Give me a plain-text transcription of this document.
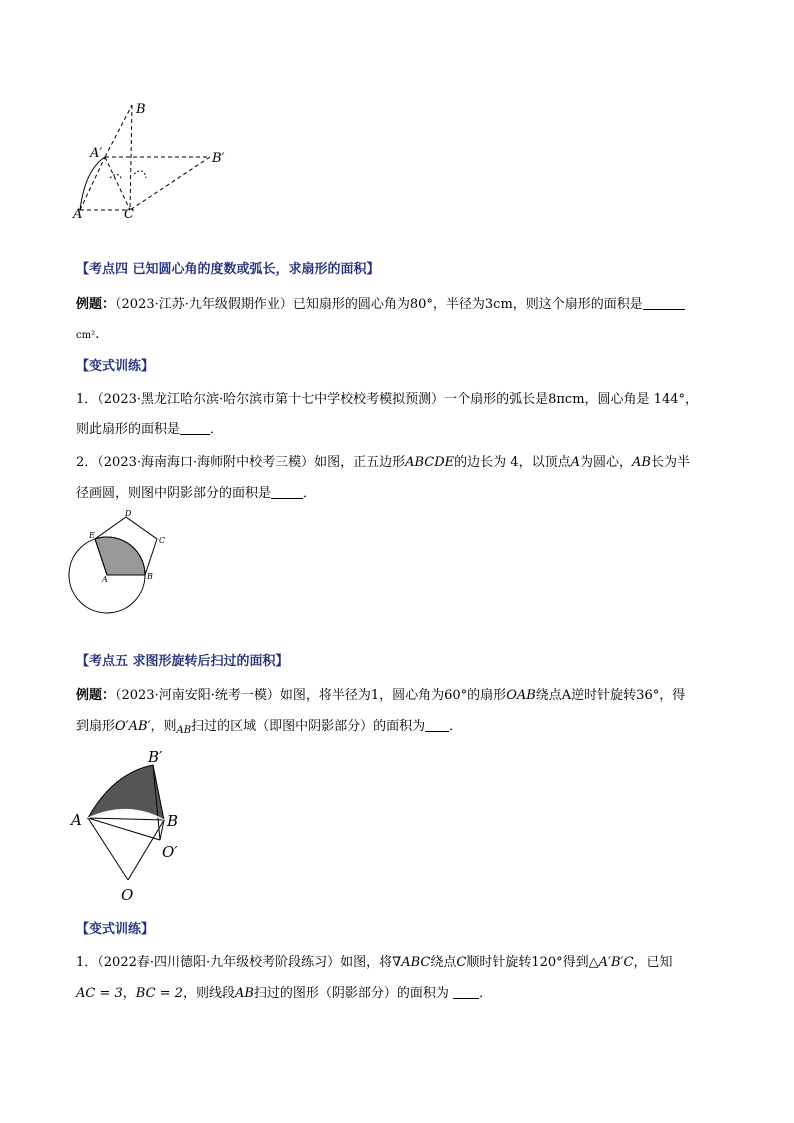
B
A′	B′
A	C
【考点四 已知圆心角的度数或弧长，求扇形的面积】
例题：（2023·江苏·九年级假期作业）已知扇形的圆心角为80°，半径为3cm，则这个扇形的面积是
cm².
【变式训练】
1．（2023·黑龙江哈尔滨·哈尔滨市第十七中学校校考模拟预测）一个扇形的弧长是8πcm，圆心角是 144°，
则此扇形的面积是 ．
2．（2023·海南海口·海师附中校考三模）如图，正五边形ABCDE的边长为 4，以顶点A为圆心，AB长为半
径画圆，则图中阴影部分的面积是 ．
D
E
C
A	B
【考点五 求图形旋转后扫过的面积】
例题：（2023·河南安阳·统考一模）如图，将半径为1，圆心角为60°的扇形OAB绕点A逆时针旋转36°，得
到扇形O′AB′，则$_{AB}$扫过的区域（即图中阴影部分）的面积为 ．
B′
A	B
O′
O
【变式训练】
1．（2022春·四川德阳·九年级校考阶段练习）如图，将∇ABC绕点C顺时针旋转120°得到△A′B′C，已知
AC = 3，BC = 2，则线段AB扫过的图形（阴影部分）的面积为 ．
